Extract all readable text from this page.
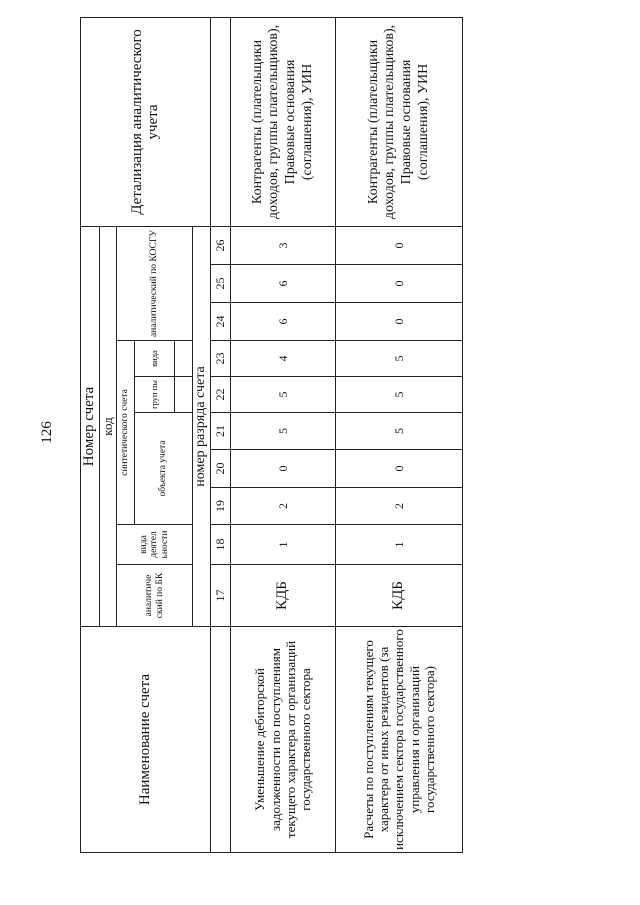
126
Наименование счета	Номер счета										Детализация аналитического учета
	код										
	аналитиче ский по БК	вида деятел ьности	синтетического счета					аналитический по КОСГУ			
			объекта учета			груп пы	вида				

	номер разряда счета										
	17	18	19	20	21	22	23	24	25	26	
Уменьшение дебиторской задолженности по поступлениям текущего характера от организаций государственного сектора	КДБ	1	2	0	5	5	4	6	6	3	Контрагенты (плательщики доходов, группы плательщиков), Правовые основания (соглашения), УИН
Расчеты по поступлениям текущего характера от иных резидентов (за исключением сектора государственного управления и организаций государственного сектора)	КДБ	1	2	0	5	5	5	0	0	0	Контрагенты (плательщики доходов, группы плательщиков), Правовые основания (соглашения), УИН
